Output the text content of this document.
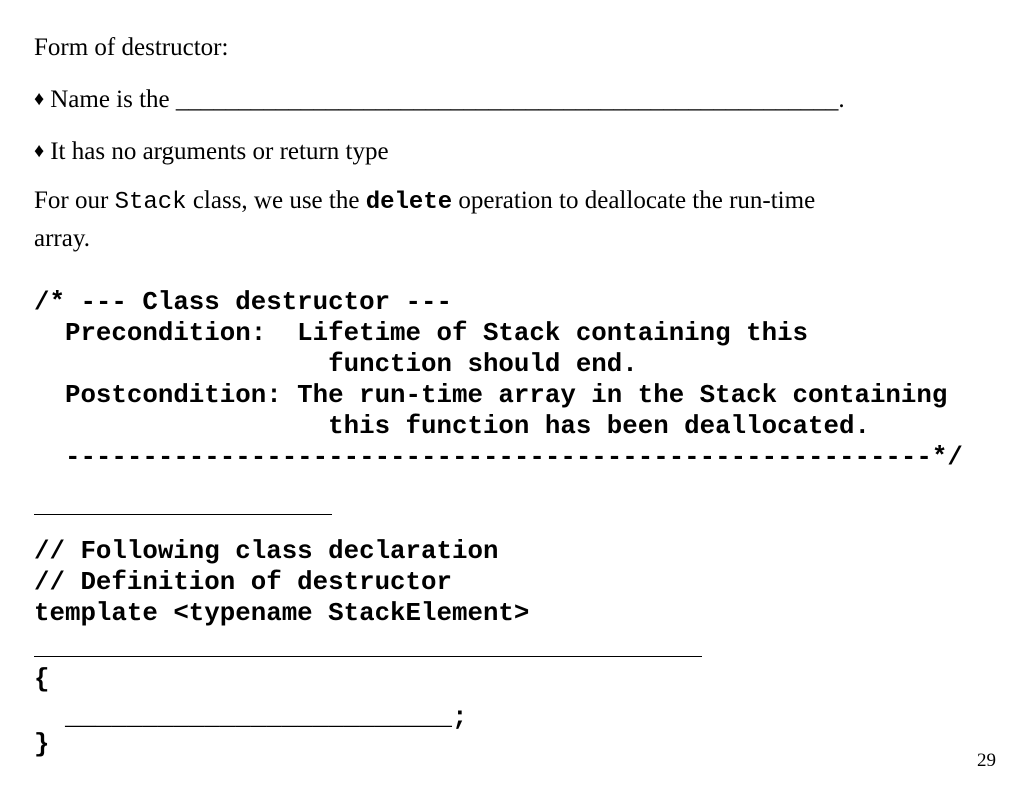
Form of destructor:
♦ Name is the _____________________________________________________.
♦ It has no arguments or return type
For our Stack class, we use the delete operation to deallocate the run-time
array.
/* --- Class destructor ---
Precondition:  Lifetime of Stack containing this
function should end.
Postcondition: The run-time array in the Stack containing
this function has been deallocated.
--------------------------------------------------------*/
// Following class declaration
// Definition of destructor
template <typename StackElement>
{
_________________________;
}
29
